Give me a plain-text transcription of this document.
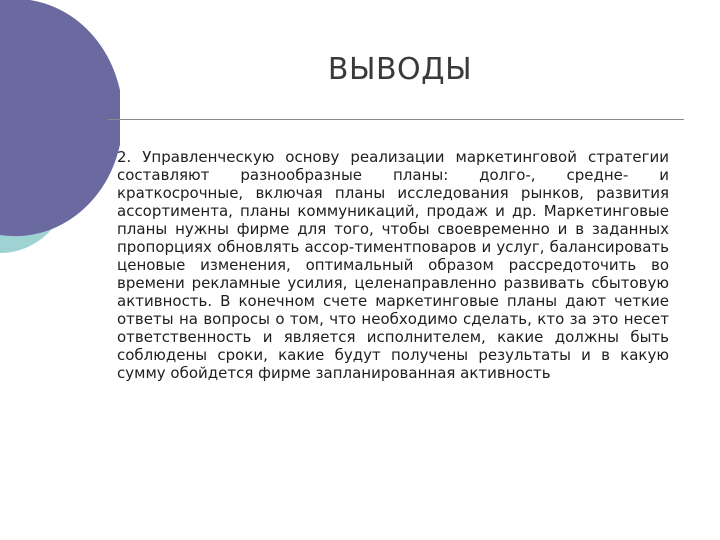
ВЫВОДЫ

2. Управленческую основу реализации маркетинговой стратегии составляют разнообразные планы: долго-, средне- и краткосрочные, включая планы исследования рынков, развития ассортимента, планы коммуникаций, продаж и др. Маркетинговые планы нужны фирме для того, чтобы своевременно и в заданных пропорциях обновлять ассор-тиментповаров и услуг, балансировать ценовые изменения, оптимальный образом рассредоточить во времени рекламные усилия, целенаправленно развивать сбытовую активность. В конечном счете маркетинговые планы дают четкие ответы на вопросы о том, что необходимо сделать, кто за это несет ответственность и является исполнителем, какие должны быть соблюдены сроки, какие будут получены результаты и в какую сумму обойдется фирме запланированная активность
